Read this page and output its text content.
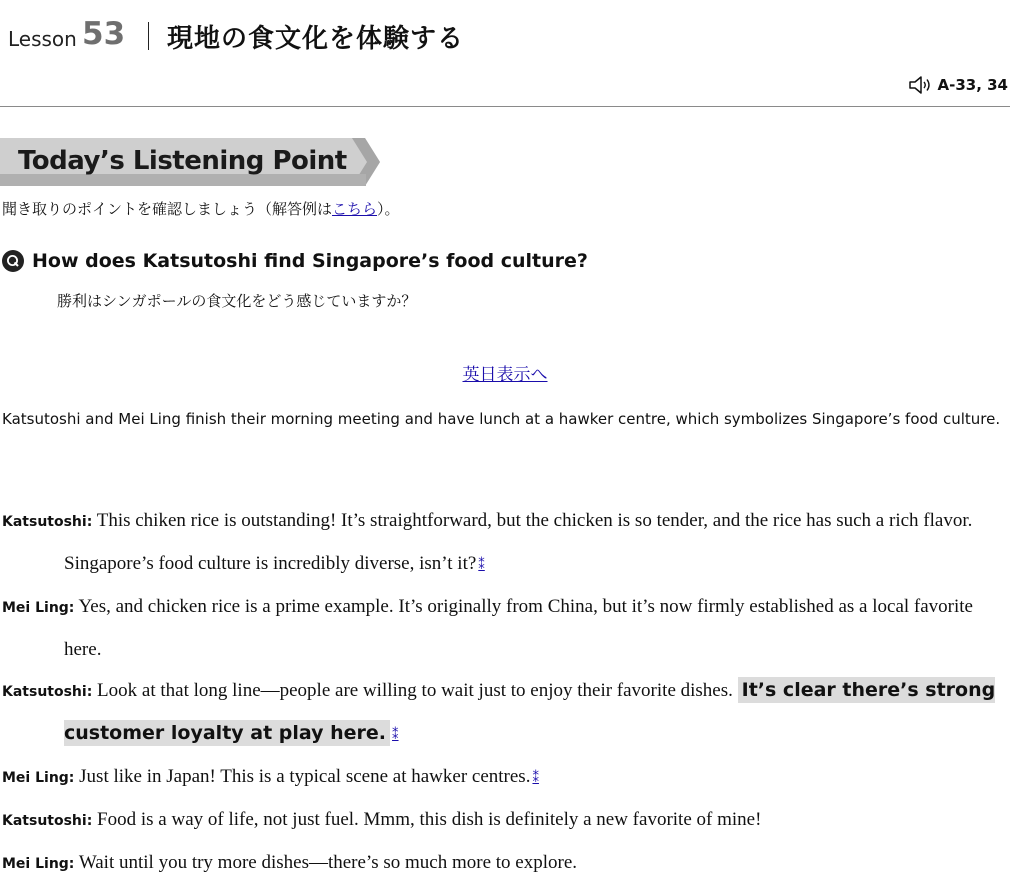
Lesson 53 現地の食文化を体験する
A-33, 34
Today’s Listening Point
聞き取りのポイントを確認しましょう（解答例はこちら）。
How does Katsutoshi find Singapore’s food culture?
勝利はシンガポールの食文化をどう感じていますか？
英日表示へ
Katsutoshi and Mei Ling finish their morning meeting and have lunch at a hawker centre, which symbolizes Singapore’s food culture.
Katsutoshi: This chiken rice is outstanding! It’s straightforward, but the chicken is so tender, and the rice has such a rich flavor. Singapore’s food culture is incredibly diverse, isn’t it? ⁑
Mei Ling: Yes, and chicken rice is a prime example. It’s originally from China, but it’s now firmly established as a local favorite here.
Katsutoshi: Look at that long line—people are willing to wait just to enjoy their favorite dishes. It’s clear there’s strong customer loyalty at play here. ⁑
Mei Ling: Just like in Japan! This is a typical scene at hawker centres. ⁑
Katsutoshi: Food is a way of life, not just fuel. Mmm, this dish is definitely a new favorite of mine!
Mei Ling: Wait until you try more dishes—there’s so much more to explore.
